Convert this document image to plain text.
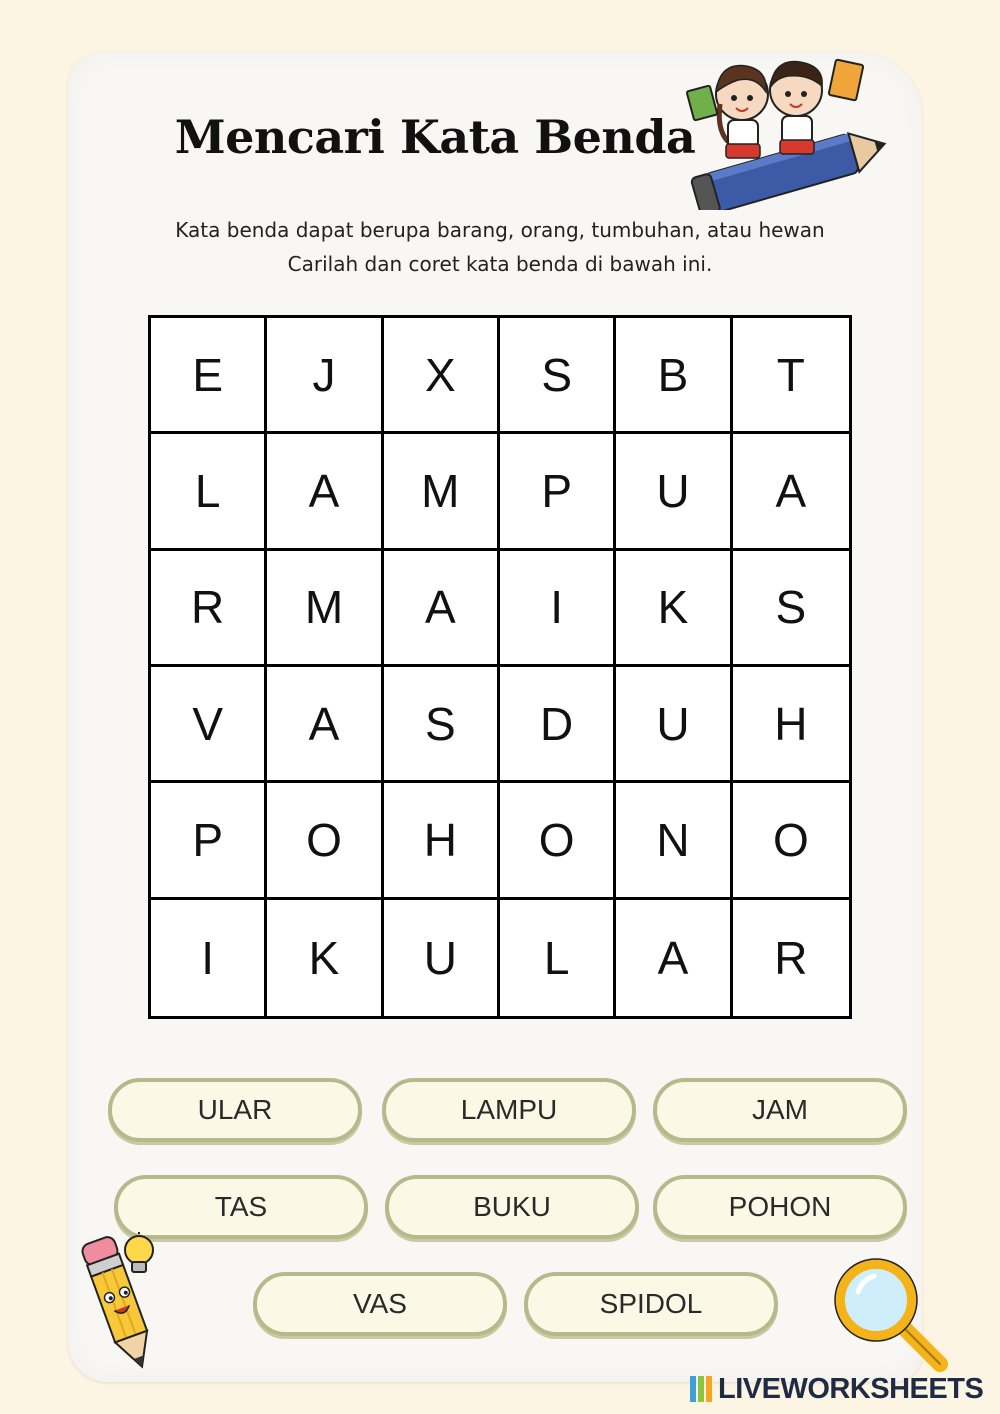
Mencari Kata Benda

Kata benda dapat berupa barang, orang, tumbuhan, atau hewan

Carilah dan coret kata benda di bawah ini.

E	J	X	S	B	T
L	A	M	P	U	A
R	M	A	I	K	S
V	A	S	D	U	H
P	O	H	O	N	O
I	K	U	L	A	R
ULAR	LAMPU	JAM
TAS	BUKU	POHON
VAS	SPIDOL
LIVEWORKSHEETS
